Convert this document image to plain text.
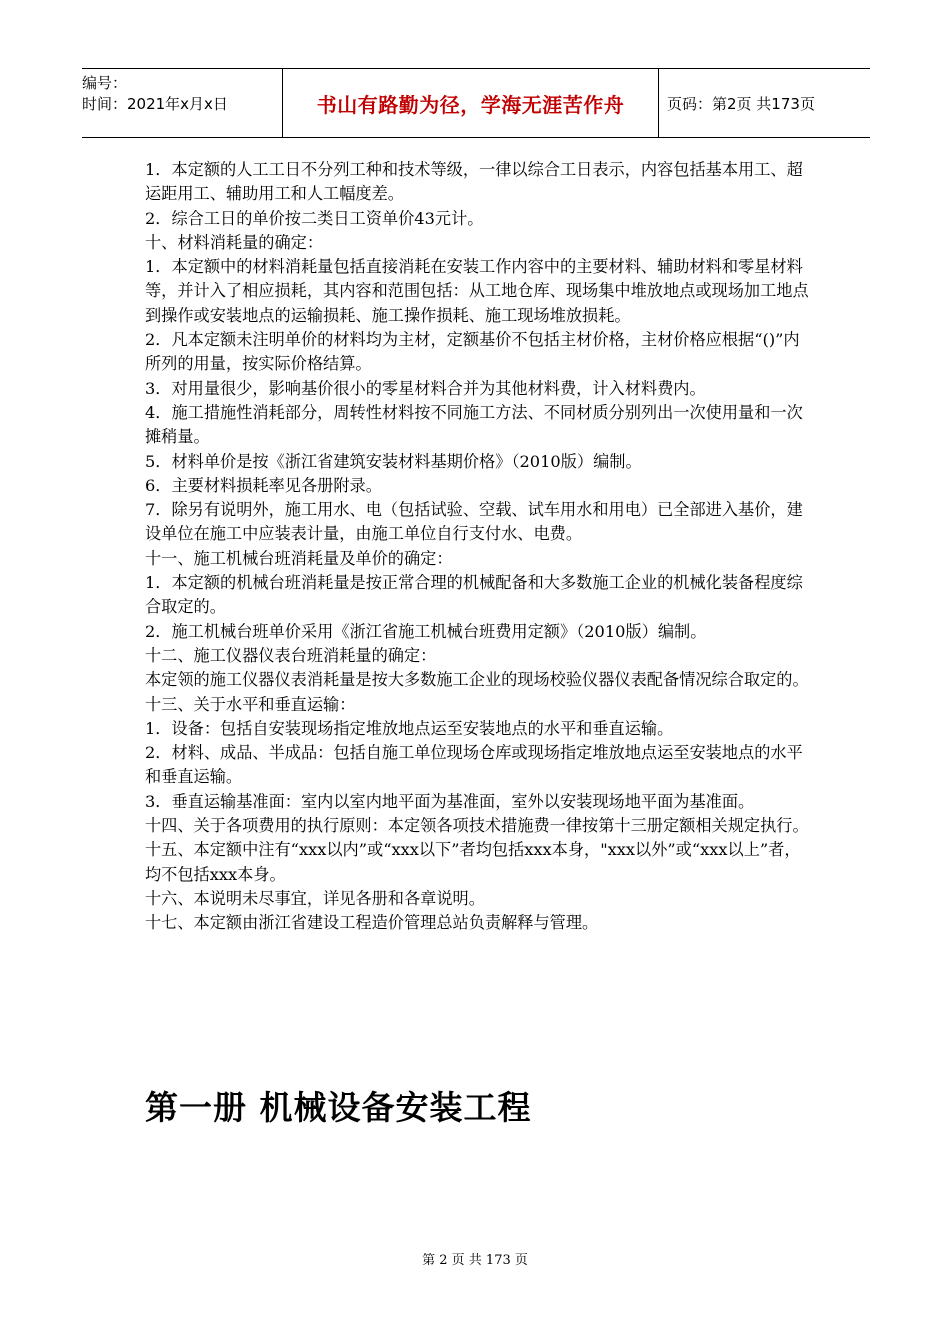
编号：
时间：2021年x月x日	书山有路勤为径，学海无涯苦作舟	页码：第2页 共173页

1．本定额的人工工日不分列工种和技术等级，一律以综合工日表示，内容包括基本用工、超运距用工、辅助用工和人工幅度差。

2．综合工日的单价按二类日工资单价43元计。

十、材料消耗量的确定：

1．本定额中的材料消耗量包括直接消耗在安装工作内容中的主要材料、辅助材料和零星材料等，并计入了相应损耗，其内容和范围包括：从工地仓库、现场集中堆放地点或现场加工地点到操作或安装地点的运输损耗、施工操作损耗、施工现场堆放损耗。

2．凡本定额未注明单价的材料均为主材，定额基价不包括主材价格，主材价格应根据“()”内所列的用量，按实际价格结算。

3．对用量很少，影响基价很小的零星材料合并为其他材料费，计入材料费内。

4．施工措施性消耗部分，周转性材料按不同施工方法、不同材质分别列出一次使用量和一次摊稍量。

5．材料单价是按《浙江省建筑安装材料基期价格》（2010版）编制。

6．主要材料损耗率见各册附录。

7．除另有说明外，施工用水、电（包括试验、空载、试车用水和用电）已全部进入基价，建设单位在施工中应装表计量，由施工单位自行支付水、电费。

十一、施工机械台班消耗量及单价的确定：

1．本定额的机械台班消耗量是按正常合理的机械配备和大多数施工企业的机械化装备程度综合取定的。

2．施工机械台班单价采用《浙江省施工机械台班费用定额》（2010版）编制。

十二、施工仪器仪表台班消耗量的确定：

本定领的施工仪器仪表消耗量是按大多数施工企业的现场校验仪器仪表配备情况综合取定的。

十三、关于水平和垂直运输：

1．设备：包括自安装现场指定堆放地点运至安装地点的水平和垂直运输。

2．材料、成品、半成品：包括自施工单位现场仓库或现场指定堆放地点运至安装地点的水平和垂直运输。

3．垂直运输基准面：室内以室内地平面为基准面，室外以安装现场地平面为基准面。

十四、关于各项费用的执行原则：本定领各项技术措施费一律按第十三册定额相关规定执行。

十五、本定额中注有“xxx以内”或“xxx以下”者均包括xxx本身，"xxx以外”或“xxx以上”者，均不包括xxx本身。

十六、本说明未尽事宜，详见各册和各章说明。

十七、本定额由浙江省建设工程造价管理总站负责解释与管理。

第一册 机械设备安装工程
第 2 页 共 173 页
